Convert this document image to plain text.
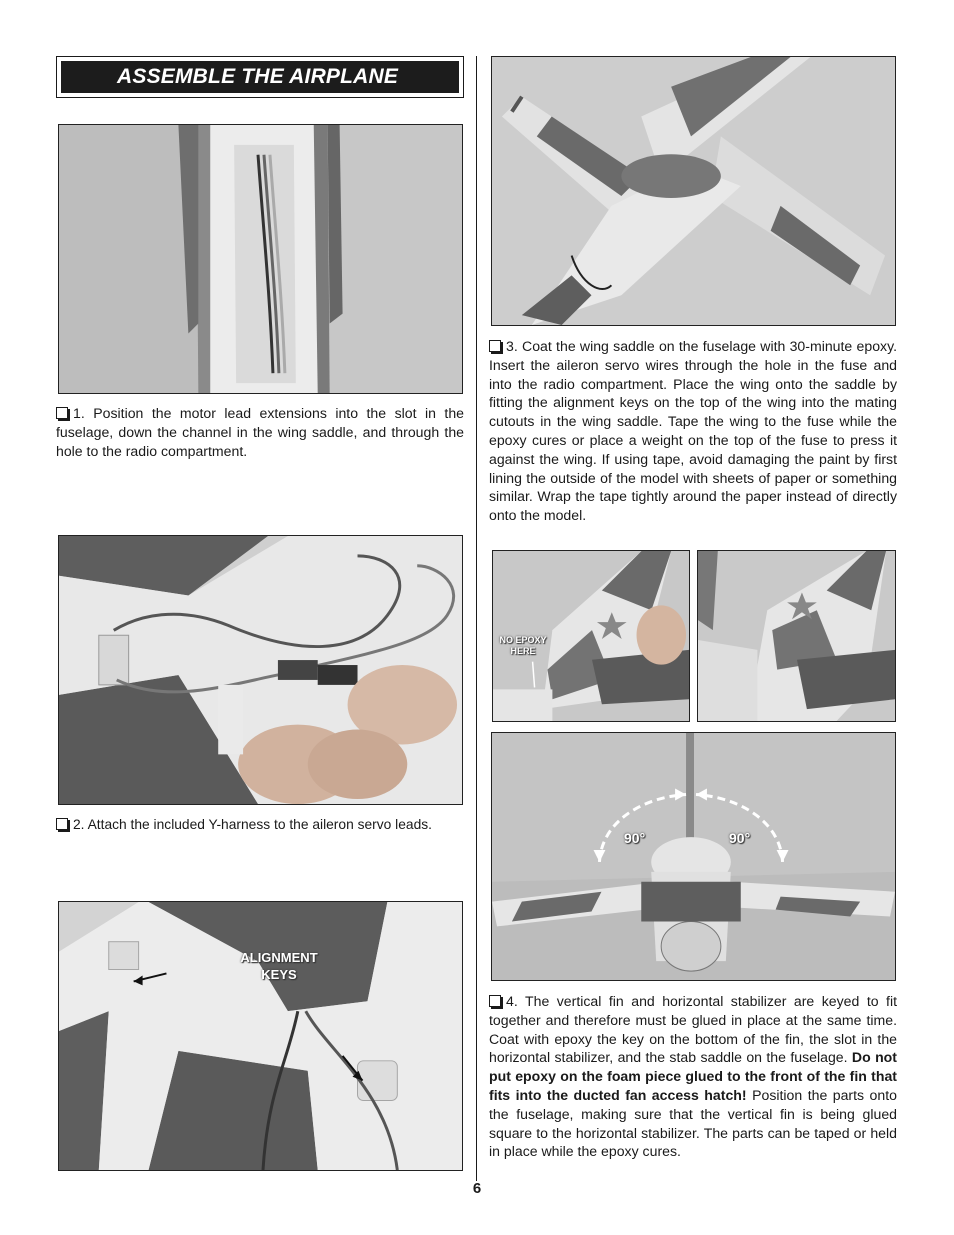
ASSEMBLE THE AIRPLANE
1. Position the motor lead extensions into the slot in the fuselage, down the channel in the wing saddle, and through the hole to the radio compartment.
2. Attach the included Y-harness to the aileron servo leads.
ALIGNMENT
KEYS
3. Coat the wing saddle on the fuselage with 30-minute epoxy. Insert the aileron servo wires through the hole in the fuse and into the radio compartment. Place the wing onto the saddle by fitting the alignment keys on the top of the wing into the mating cutouts in the wing saddle. Tape the wing to the fuse while the epoxy cures or place a weight on the top of the fuse to press it against the wing. If using tape, avoid damaging the paint by first lining the outside of the model with sheets of paper or something similar. Wrap the tape tightly around the paper instead of directly onto the model.
NO EPOXY
HERE
90°	90°
4. The vertical fin and horizontal stabilizer are keyed to fit together and therefore must be glued in place at the same time. Coat with epoxy the key on the bottom of the fin, the slot in the horizontal stabilizer, and the stab saddle on the fuselage. Do not put epoxy on the foam piece glued to the front of the fin that fits into the ducted fan access hatch! Position the parts onto the fuselage, making sure that the vertical fin is being glued square to the horizontal stabilizer. The parts can be taped or held in place while the epoxy cures.
6
